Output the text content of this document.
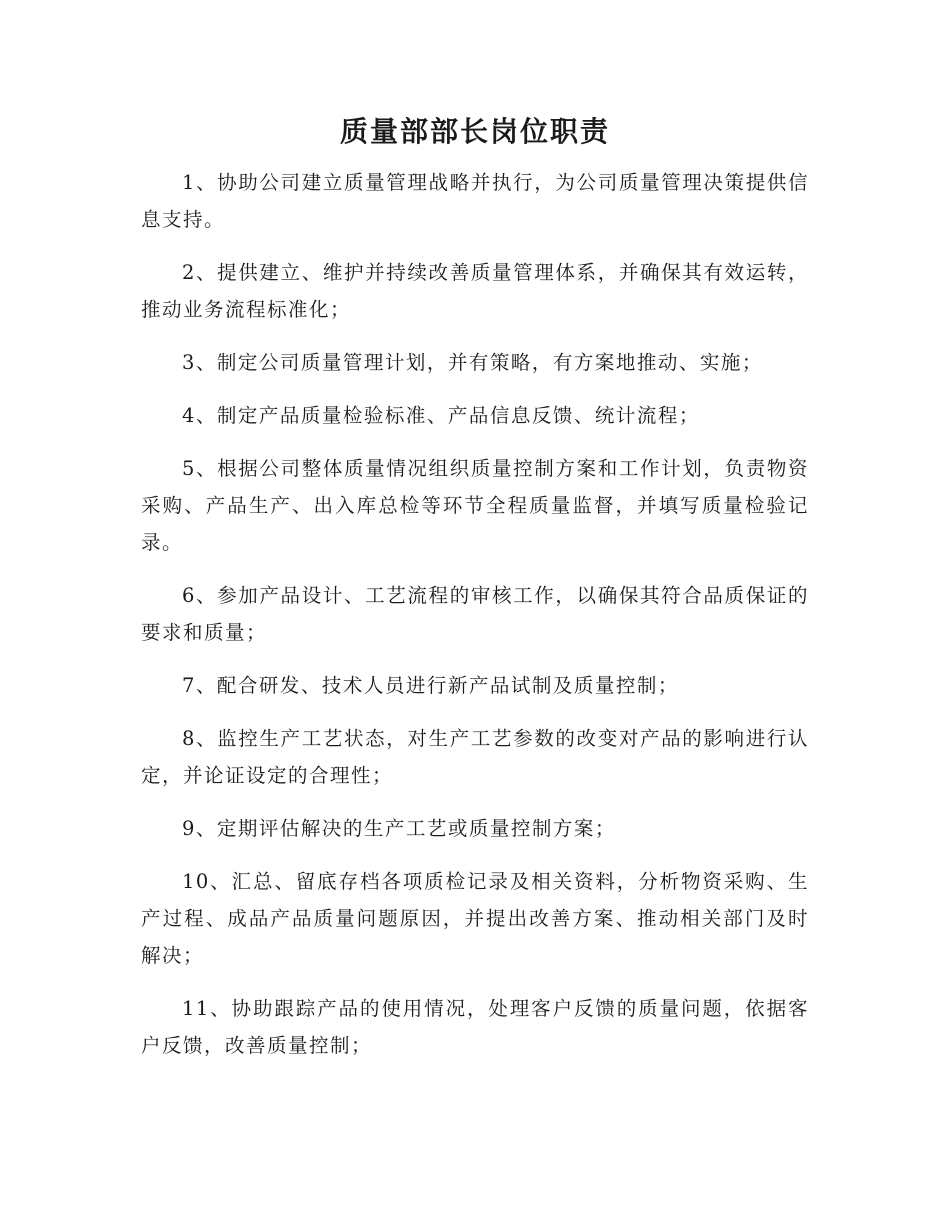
质量部部长岗位职责

1、协助公司建立质量管理战略并执行，为公司质量管理决策提供信息支持。

2、提供建立、维护并持续改善质量管理体系，并确保其有效运转，推动业务流程标准化；

3、制定公司质量管理计划，并有策略，有方案地推动、实施；

4、制定产品质量检验标准、产品信息反馈、统计流程；

5、根据公司整体质量情况组织质量控制方案和工作计划，负责物资采购、产品生产、出入库总检等环节全程质量监督，并填写质量检验记录。

6、参加产品设计、工艺流程的审核工作，以确保其符合品质保证的要求和质量；

7、配合研发、技术人员进行新产品试制及质量控制；

8、监控生产工艺状态，对生产工艺参数的改变对产品的影响进行认定，并论证设定的合理性；

9、定期评估解决的生产工艺或质量控制方案；

10、汇总、留底存档各项质检记录及相关资料，分析物资采购、生产过程、成品产品质量问题原因，并提出改善方案、推动相关部门及时解决；

11、协助跟踪产品的使用情况，处理客户反馈的质量问题，依据客户反馈，改善质量控制；
